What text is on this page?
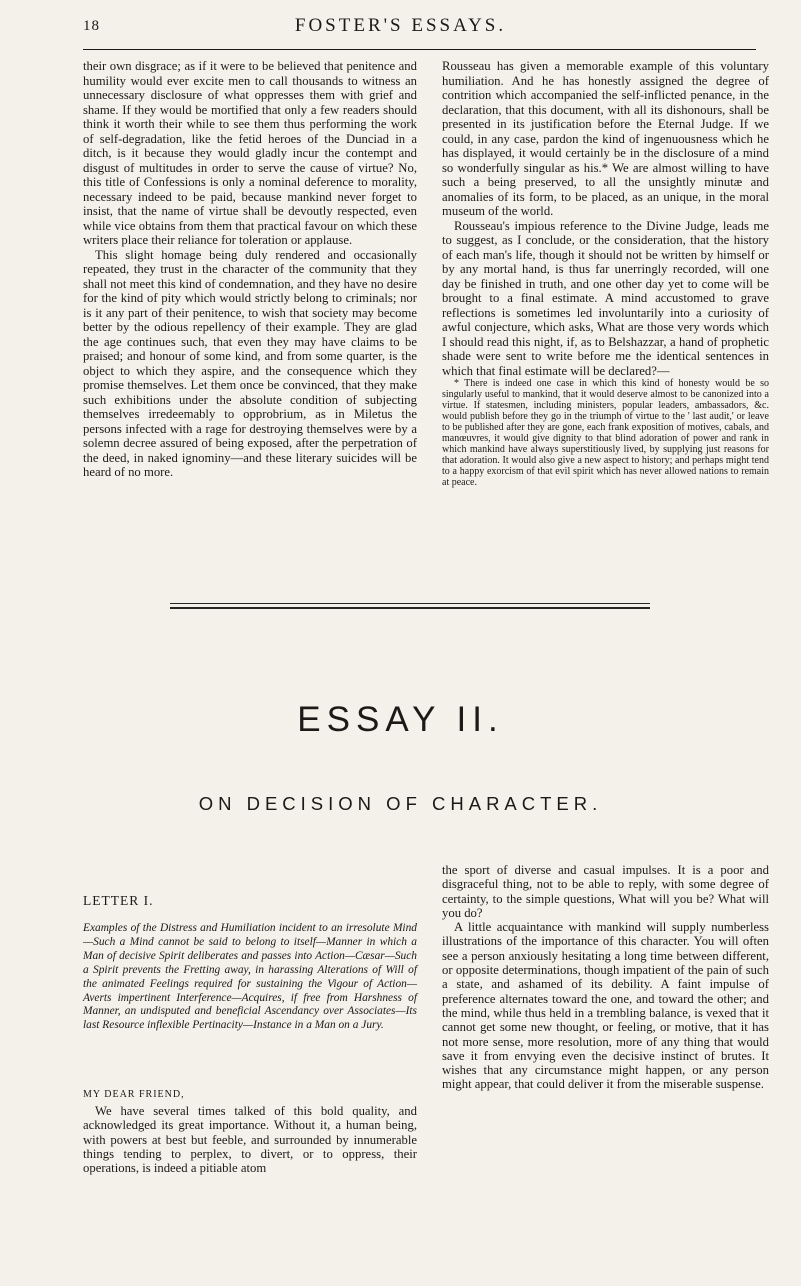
18	FOSTER'S ESSAYS.

their own disgrace; as if it were to be believed that penitence and humility would ever excite men to call thousands to witness an unnecessary disclosure of what oppresses them with grief and shame. If they would be mortified that only a few readers should think it worth their while to see them thus performing the work of self-degradation, like the fetid heroes of the Dunciad in a ditch, is it because they would gladly incur the contempt and disgust of multitudes in order to serve the cause of virtue? No, this title of Confessions is only a nominal deference to morality, necessary indeed to be paid, because mankind never forget to insist, that the name of virtue shall be devoutly respected, even while vice obtains from them that practical favour on which these writers place their reliance for toleration or applause.

This slight homage being duly rendered and occasionally repeated, they trust in the character of the community that they shall not meet this kind of condemnation, and they have no desire for the kind of pity which would strictly belong to criminals; nor is it any part of their penitence, to wish that society may become better by the odious repellency of their example. They are glad the age continues such, that even they may have claims to be praised; and honour of some kind, and from some quarter, is the object to which they aspire, and the consequence which they promise themselves. Let them once be convinced, that they make such exhibitions under the absolute condition of subjecting themselves irredeemably to opprobrium, as in Miletus the persons infected with a rage for destroying themselves were by a solemn decree assured of being exposed, after the perpetration of the deed, in naked ignominy—and these literary suicides will be heard of no more.

Rousseau has given a memorable example of this voluntary humiliation. And he has honestly assigned the degree of contrition which accompanied the self-inflicted penance, in the declaration, that this document, with all its dishonours, shall be presented in its justification before the Eternal Judge. If we could, in any case, pardon the kind of ingenuousness which he has displayed, it would certainly be in the disclosure of a mind so wonderfully singular as his.* We are almost willing to have such a being preserved, to all the unsightly minutæ and anomalies of its form, to be placed, as an unique, in the moral museum of the world.

Rousseau's impious reference to the Divine Judge, leads me to suggest, as I conclude, or the consideration, that the history of each man's life, though it should not be written by himself or by any mortal hand, is thus far unerringly recorded, will one day be finished in truth, and one other day yet to come will be brought to a final estimate. A mind accustomed to grave reflections is sometimes led involuntarily into a curiosity of awful conjecture, which asks, What are those very words which I should read this night, if, as to Belshazzar, a hand of prophetic shade were sent to write before me the identical sentences in which that final estimate will be declared?—

* There is indeed one case in which this kind of honesty would be so singularly useful to mankind, that it would deserve almost to be canonized into a virtue. If statesmen, including ministers, popular leaders, ambassadors, &c. would publish before they go in the triumph of virtue to the ' last audit,' or leave to be published after they are gone, each frank exposition of motives, cabals, and manœuvres, it would give dignity to that blind adoration of power and rank in which mankind have always superstitiously lived, by supplying just reasons for that adoration. It would also give a new aspect to history; and perhaps might tend to a happy exorcism of that evil spirit which has never allowed nations to remain at peace.

ESSAY II.
ON DECISION OF CHARACTER.
LETTER I.

Examples of the Distress and Humiliation incident to an irresolute Mind—Such a Mind cannot be said to belong to itself—Manner in which a Man of decisive Spirit deliberates and passes into Action—Cæsar—Such a Spirit prevents the Fretting away, in harassing Alterations of Will of the animated Feelings required for sustaining the Vigour of Action—Averts impertinent Interference—Acquires, if free from Harshness of Manner, an undisputed and beneficial Ascendancy over Associates—Its last Resource inflexible Pertinacity—Instance in a Man on a Jury.

MY DEAR FRIEND,

We have several times talked of this bold quality, and acknowledged its great importance. Without it, a human being, with powers at best but feeble, and surrounded by innumerable things tending to perplex, to divert, or to oppress, their operations, is indeed a pitiable atom

the sport of diverse and casual impulses. It is a poor and disgraceful thing, not to be able to reply, with some degree of certainty, to the simple questions, What will you be? What will you do?

A little acquaintance with mankind will supply numberless illustrations of the importance of this character. You will often see a person anxiously hesitating a long time between different, or opposite determinations, though impatient of the pain of such a state, and ashamed of its debility. A faint impulse of preference alternates toward the one, and toward the other; and the mind, while thus held in a trembling balance, is vexed that it cannot get some new thought, or feeling, or motive, that it has not more sense, more resolution, more of any thing that would save it from envying even the decisive instinct of brutes. It wishes that any circumstance might happen, or any person might appear, that could deliver it from the miserable suspense.
